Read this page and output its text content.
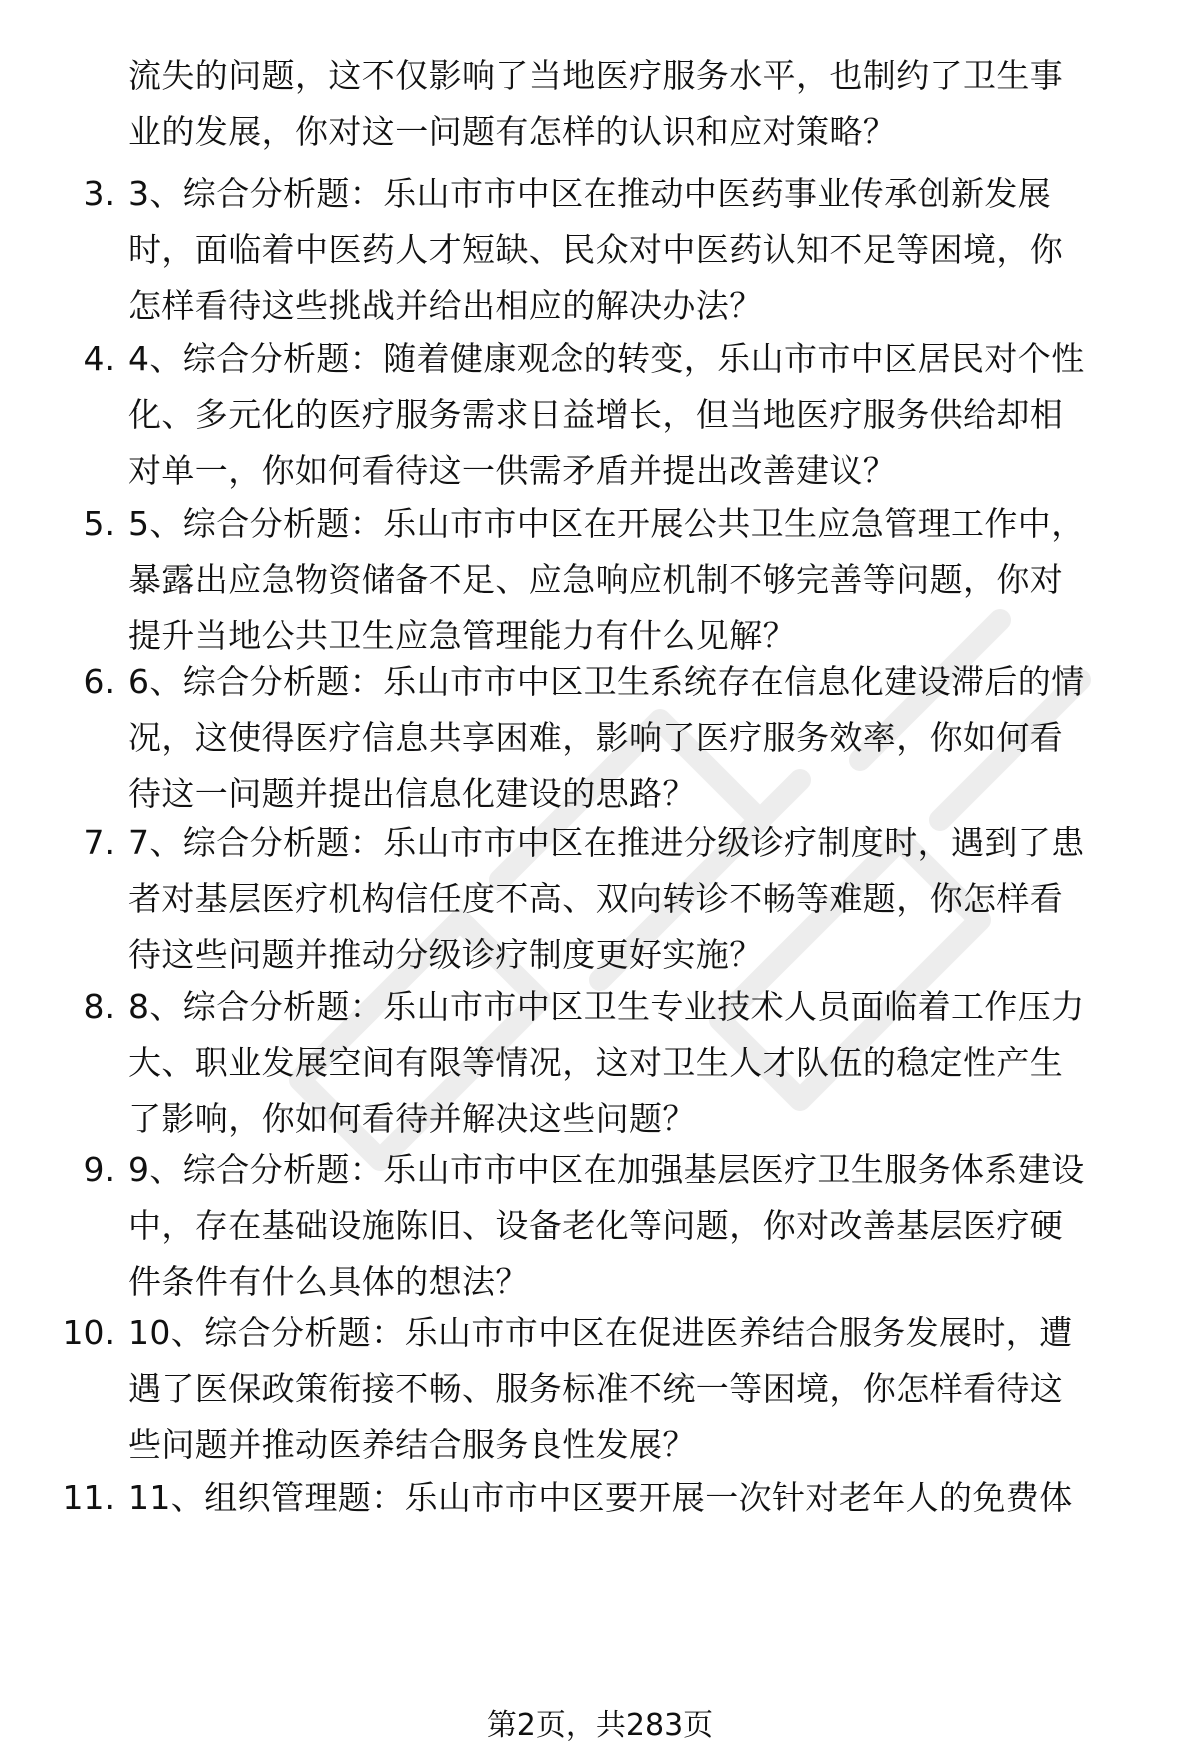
流失的问题，这不仅影响了当地医疗服务水平，也制约了卫生事
业的发展，你对这一问题有怎样的认识和应对策略？
3. 3、综合分析题：乐山市市中区在推动中医药事业传承创新发展
时，面临着中医药人才短缺、民众对中医药认知不足等困境，你
怎样看待这些挑战并给出相应的解决办法？
4. 4、综合分析题：随着健康观念的转变，乐山市市中区居民对个性
化、多元化的医疗服务需求日益增长，但当地医疗服务供给却相
对单一，你如何看待这一供需矛盾并提出改善建议？
5. 5、综合分析题：乐山市市中区在开展公共卫生应急管理工作中，
暴露出应急物资储备不足、应急响应机制不够完善等问题，你对
提升当地公共卫生应急管理能力有什么见解？
6. 6、综合分析题：乐山市市中区卫生系统存在信息化建设滞后的情
况，这使得医疗信息共享困难，影响了医疗服务效率，你如何看
待这一问题并提出信息化建设的思路？
7. 7、综合分析题：乐山市市中区在推进分级诊疗制度时，遇到了患
者对基层医疗机构信任度不高、双向转诊不畅等难题，你怎样看
待这些问题并推动分级诊疗制度更好实施？
8. 8、综合分析题：乐山市市中区卫生专业技术人员面临着工作压力
大、职业发展空间有限等情况，这对卫生人才队伍的稳定性产生
了影响，你如何看待并解决这些问题？
9. 9、综合分析题：乐山市市中区在加强基层医疗卫生服务体系建设
中，存在基础设施陈旧、设备老化等问题，你对改善基层医疗硬
件条件有什么具体的想法？
10. 10、综合分析题：乐山市市中区在促进医养结合服务发展时，遭
遇了医保政策衔接不畅、服务标准不统一等困境，你怎样看待这
些问题并推动医养结合服务良性发展？
11. 11、组织管理题：乐山市市中区要开展一次针对老年人的免费体
第2页，共283页
